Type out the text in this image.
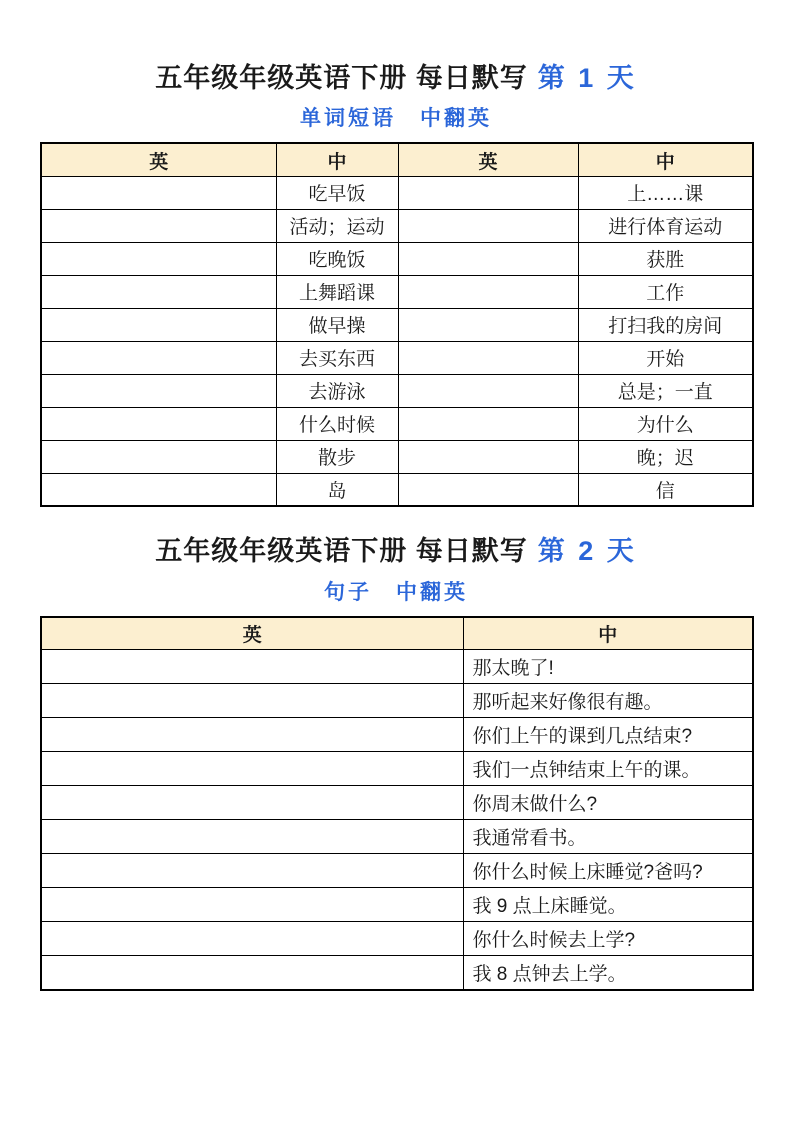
五年级年级英语下册 每日默写 第 1 天
单词短语　中翻英
英	中	英	中
	吃早饭		上……课
	活动；运动		进行体育运动
	吃晚饭		获胜
	上舞蹈课		工作
	做早操		打扫我的房间
	去买东西		开始
	去游泳		总是；一直
	什么时候		为什么
	散步		晚；迟
	岛		信
五年级年级英语下册 每日默写 第 2 天
句子　中翻英
英	中
	那太晚了!
	那听起来好像很有趣。
	你们上午的课到几点结束?
	我们一点钟结束上午的课。
	你周末做什么?
	我通常看书。
	你什么时候上床睡觉?爸吗?
	我 9 点上床睡觉。
	你什么时候去上学?
	我 8 点钟去上学。
